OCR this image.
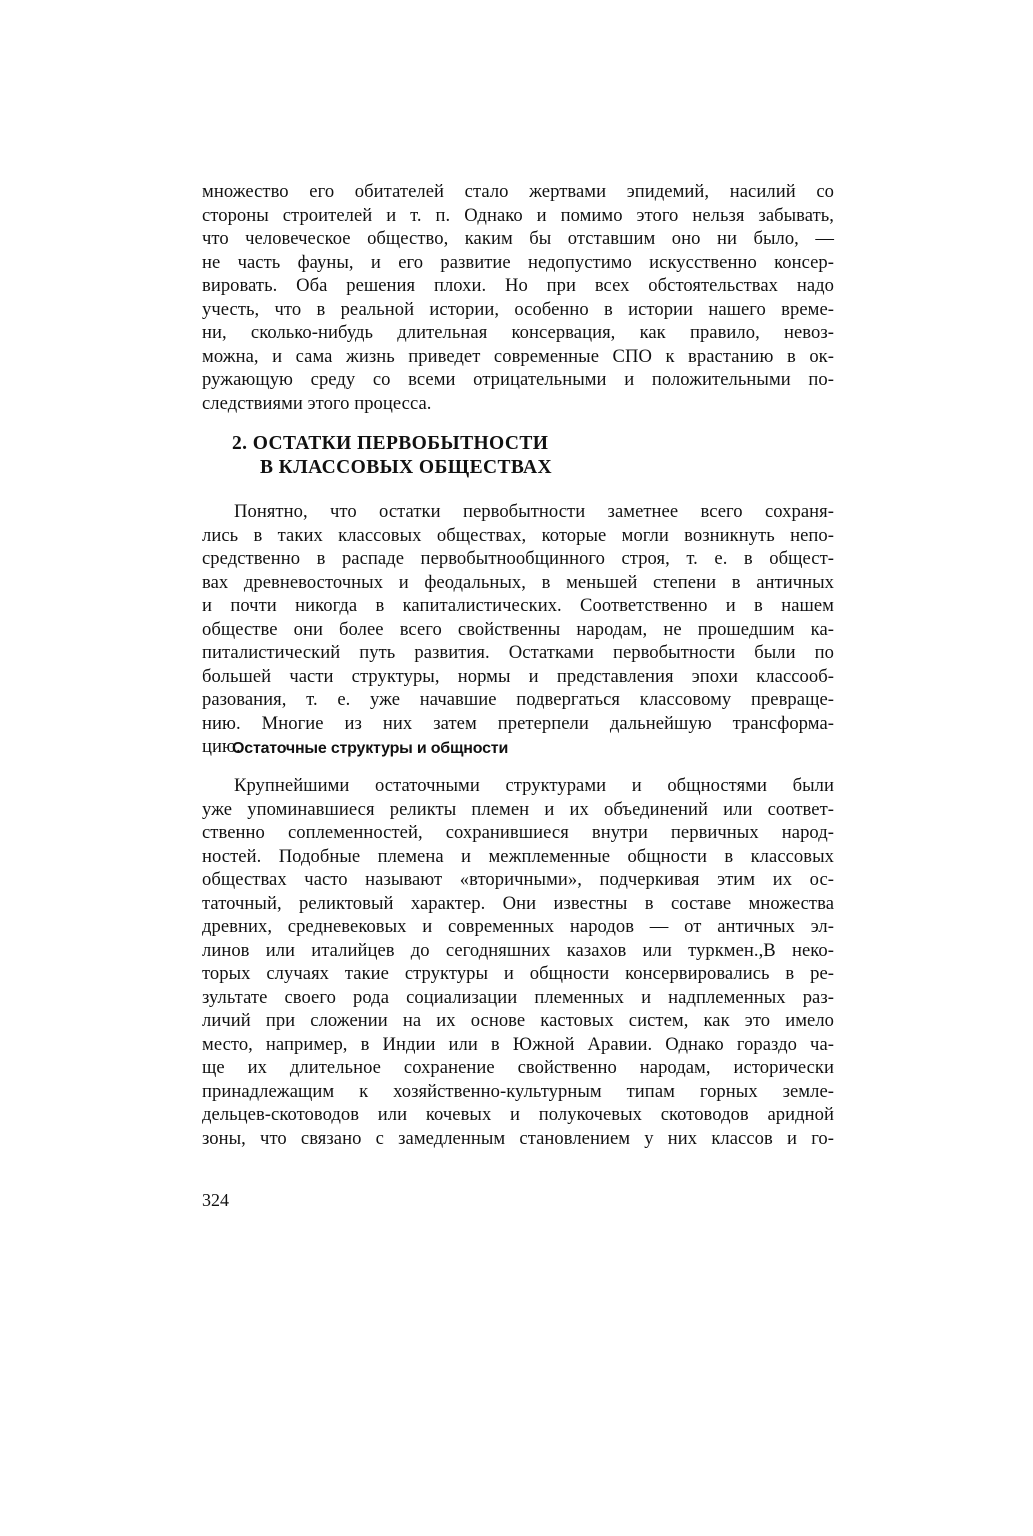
множество его обитателей стало жертвами эпидемий, насилий со
стороны строителей и т. п. Однако и помимо этого нельзя забывать,
что человеческое общество, каким бы отставшим оно ни было, —
не часть фауны, и его развитие недопустимо искусственно консер-
вировать. Оба решения плохи. Но при всех обстоятельствах надо
учесть, что в реальной истории, особенно в истории нашего време-
ни, сколько-нибудь длительная консервация, как правило, невоз-
можна, и сама жизнь приведет современные СПО к врастанию в ок-
ружающую среду со всеми отрицательными и положительными по-
следствиями этого процесса.
2. ОСТАТКИ ПЕРВОБЫТНОСТИ
В КЛАССОВЫХ ОБЩЕСТВАХ
Понятно, что остатки первобытности заметнее всего сохраня-
лись в таких классовых обществах, которые могли возникнуть непо-
средственно в распаде первобытнообщинного строя, т. е. в общест-
вах древневосточных и феодальных, в меньшей степени в античных
и почти никогда в капиталистических. Соответственно и в нашем
обществе они более всего свойственны народам, не прошедшим ка-
питалистический путь развития. Остатками первобытности были по
большей части структуры, нормы и представления эпохи классооб-
разования, т. е. уже начавшие подвергаться классовому превраще-
нию. Многие из них затем претерпели дальнейшую трансформа-
цию.
Остаточные структуры и общности
Крупнейшими остаточными структурами и общностями были
уже упоминавшиеся реликты племен и их объединений или соответ-
ственно соплеменностей, сохранившиеся внутри первичных народ-
ностей. Подобные племена и межплеменные общности в классовых
обществах часто называют «вторичными», подчеркивая этим их ос-
таточный, реликтовый характер. Они известны в составе множества
древних, средневековых и современных народов — от античных эл-
линов или италийцев до сегодняшних казахов или туркмен.,В неко-
торых случаях такие структуры и общности консервировались в ре-
зультате своего рода социализации племенных и надплеменных раз-
личий при сложении на их основе кастовых систем, как это имело
место, например, в Индии или в Южной Аравии. Однако гораздо ча-
ще их длительное сохранение свойственно народам, исторически
принадлежащим к хозяйственно-культурным типам горных земле-
дельцев-скотоводов или кочевых и полукочевых скотоводов аридной
зоны, что связано с замедленным становлением у них классов и го-
324
